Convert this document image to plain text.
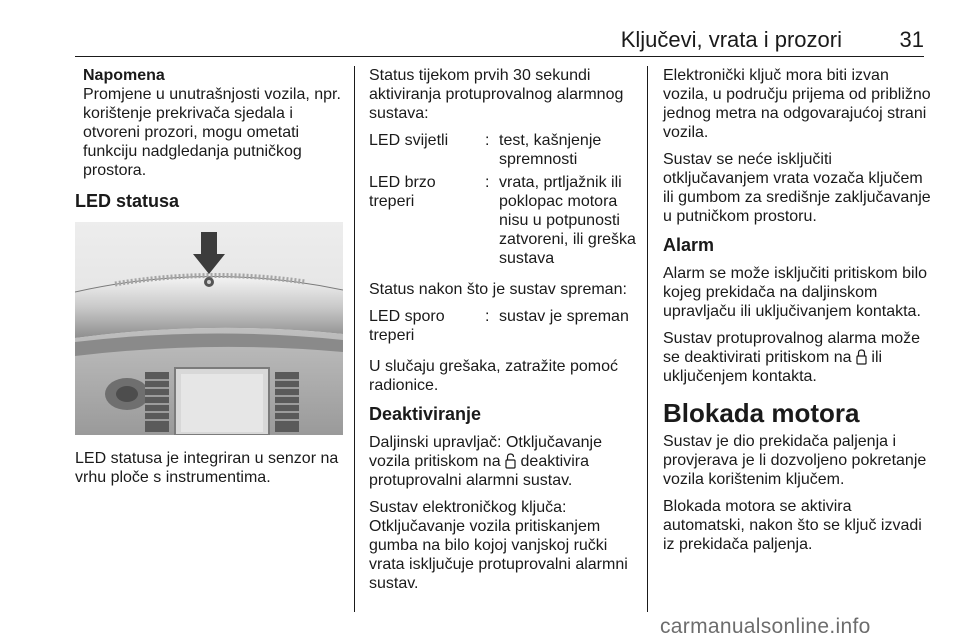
Ključevi, vrata i prozori	31

Napomena

Promjene u unutrašnjosti vozila, npr. korištenje prekrivača sjedala i otvoreni prozori, mogu ometati funkciju nadgledanja putničkog prostora.

LED statusa

LED statusa je integriran u senzor na vrhu ploče s instrumentima.

Status tijekom prvih 30 sekundi aktiviranja protuprovalnog alarmnog sustava:

LED svijetli	: test, kašnjenje spremnosti
LED brzo treperi
: vrata, prtljažnik ili poklopac motora nisu u potpunosti zatvoreni, ili greška sustava

Status nakon što je sustav spreman:

LED sporo treperi
: sustav je spreman

U slučaju grešaka, zatražite pomoć radionice.

Deaktiviranje

Daljinski upravljač: Otključavanje vozila pritiskom na deaktivira protuprovalni alarmni sustav.

Sustav elektroničkog ključa: Otključavanje vozila pritiskanjem gumba na bilo kojoj vanjskoj ručki vrata isključuje protuprovalni alarmni sustav.

Elektronički ključ mora biti izvan vozila, u području prijema od približno jednog metra na odgovarajućoj strani vozila.

Sustav se neće isključiti otključavanjem vrata vozača ključem ili gumbom za središnje zaključavanje u putničkom prostoru.

Alarm

Alarm se može isključiti pritiskom bilo kojeg prekidača na daljinskom upravljaču ili uključivanjem kontakta.

Sustav protuprovalnog alarma može se deaktivirati pritiskom na ili uključenjem kontakta.

Blokada motora

Sustav je dio prekidača paljenja i provjerava je li dozvoljeno pokretanje vozila korištenim ključem.

Blokada motora se aktivira automatski, nakon što se ključ izvadi iz prekidača paljenja.

carmanualsonline.info
